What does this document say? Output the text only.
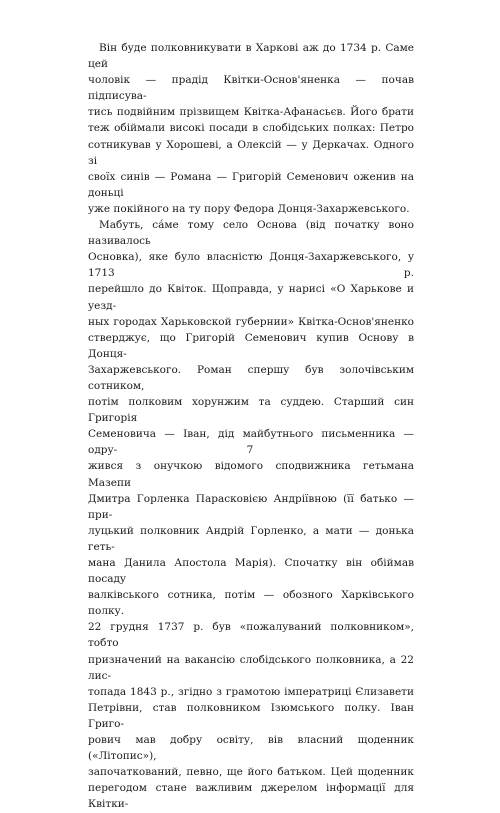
Він буде полковникувати в Харкові аж до 1734 р. Саме цей
чоловік — прадід Квітки-Основ'яненка — почав підписува-
тись подвійним прізвищем Квітка-Афанасьєв. Його брати
теж обіймали високі посади в слобідських полках: Петро
сотникував у Хорошеві, а Олексій — у Деркачах. Одного зі
своїх синів — Романа — Григорій Семенович оженив на доньці
уже покійного на ту пору Федора Донця-Захаржевського.
Мабуть, са́ме тому село Основа (від початку воно називалось
Основка), яке було власністю Донця-Захаржевського, у 1713 р.
перейшло до Квіток. Щоправда, у нарисі «О Харькове и уезд-
ных городах Харьковской губернии» Квітка-Основ'яненко
стверджує, що Григорій Семенович купив Основу в Донця-
Захаржевського. Роман спершу був золочівським сотником,
потім полковим хорунжим та суддею. Старший син Григорія
Семеновича — Іван, дід майбутнього письменника — одру-
жився з онучкою відомого сподвижника гетьмана Мазепи
Дмитра Горленка Парасковією Андріївною (її батько — при-
луцький полковник Андрій Горленко, а мати — донька геть-
мана Данила Апостола Марія). Спочатку він обіймав посаду
валківського сотника, потім — обозного Харківського полку.
22 грудня 1737 р. був «пожалуваний полковником», тобто
призначений на вакансію слобідського полковника, а 22 лис-
топада 1843 р., згідно з грамотою імператриці Єлизавети
Петрівни, став полковником Ізюмського полку. Іван Григо-
рович мав добру освіту, вів власний щоденник («Літопис»),
започаткований, певно, ще його батьком. Цей щоденник
перегодом стане важливим джерелом інформації для Квітки-
7
